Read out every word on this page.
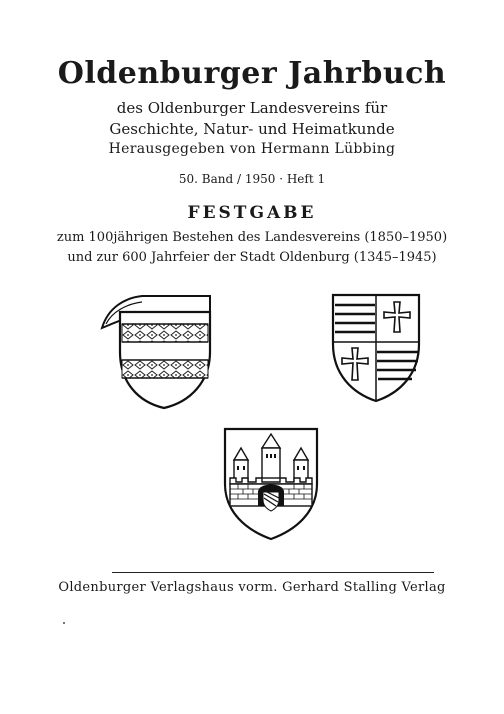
Oldenburger Jahrbuch
des Oldenburger Landesvereins für
Geschichte, Natur- und Heimatkunde
Herausgegeben von Hermann Lübbing
50. Band / 1950 · Heft 1
FESTGABE
zum 100jährigen Bestehen des Landesvereins (1850–1950)
und zur 600 Jahrfeier der Stadt Oldenburg (1345–1945)
Oldenburger Verlagshaus vorm. Gerhard Stalling Verlag
